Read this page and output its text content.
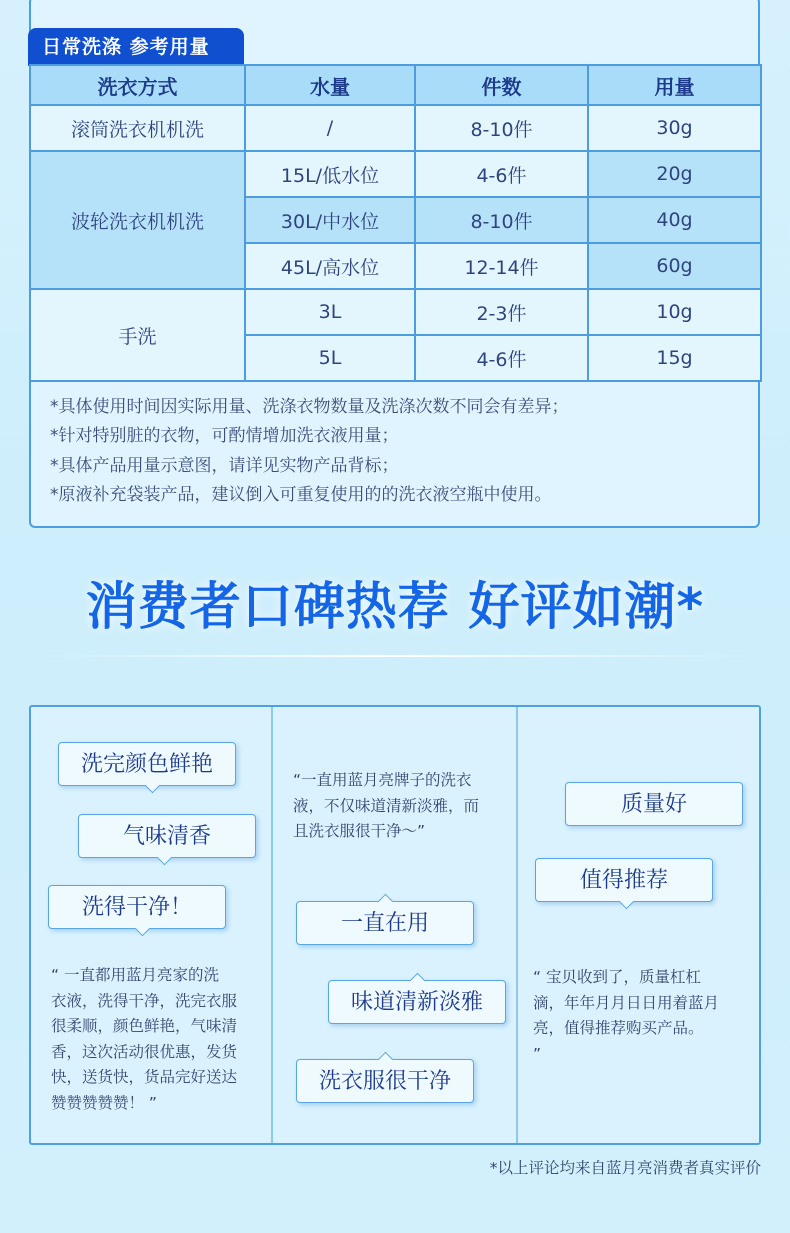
日常洗涤 参考用量
洗衣方式	水量	件数	用量
滚筒洗衣机机洗	/	8-10件	30g
波轮洗衣机机洗	15L/低水位	4-6件	20g
	30L/中水位	8-10件	40g
	45L/高水位	12-14件	60g
手洗	3L	2-3件	10g
	5L	4-6件	15g
*具体使用时间因实际用量、洗涤衣物数量及洗涤次数不同会有差异；
*针对特别脏的衣物，可酌情增加洗衣液用量；
*具体产品用量示意图，请详见实物产品背标；
*原液补充袋装产品，建议倒入可重复使用的的洗衣液空瓶中使用。
消费者口碑热荐 好评如潮*
洗完颜色鲜艳
气味清香
洗得干净！
“ 一直都用蓝月亮家的洗
衣液，洗得干净，洗完衣服
很柔顺，颜色鲜艳，气味清
香，这次活动很优惠，发货
快，送货快，货品完好送达
赞赞赞赞赞！ ”
“一直用蓝月亮牌子的洗衣
液，不仅味道清新淡雅，而
且洗衣服很干净～”
一直在用
味道清新淡雅
洗衣服很干净
质量好
值得推荐
“ 宝贝收到了，质量杠杠
滴，年年月月日日用着蓝月
亮，值得推荐购买产品。
”
*以上评论均来自蓝月亮消费者真实评价
